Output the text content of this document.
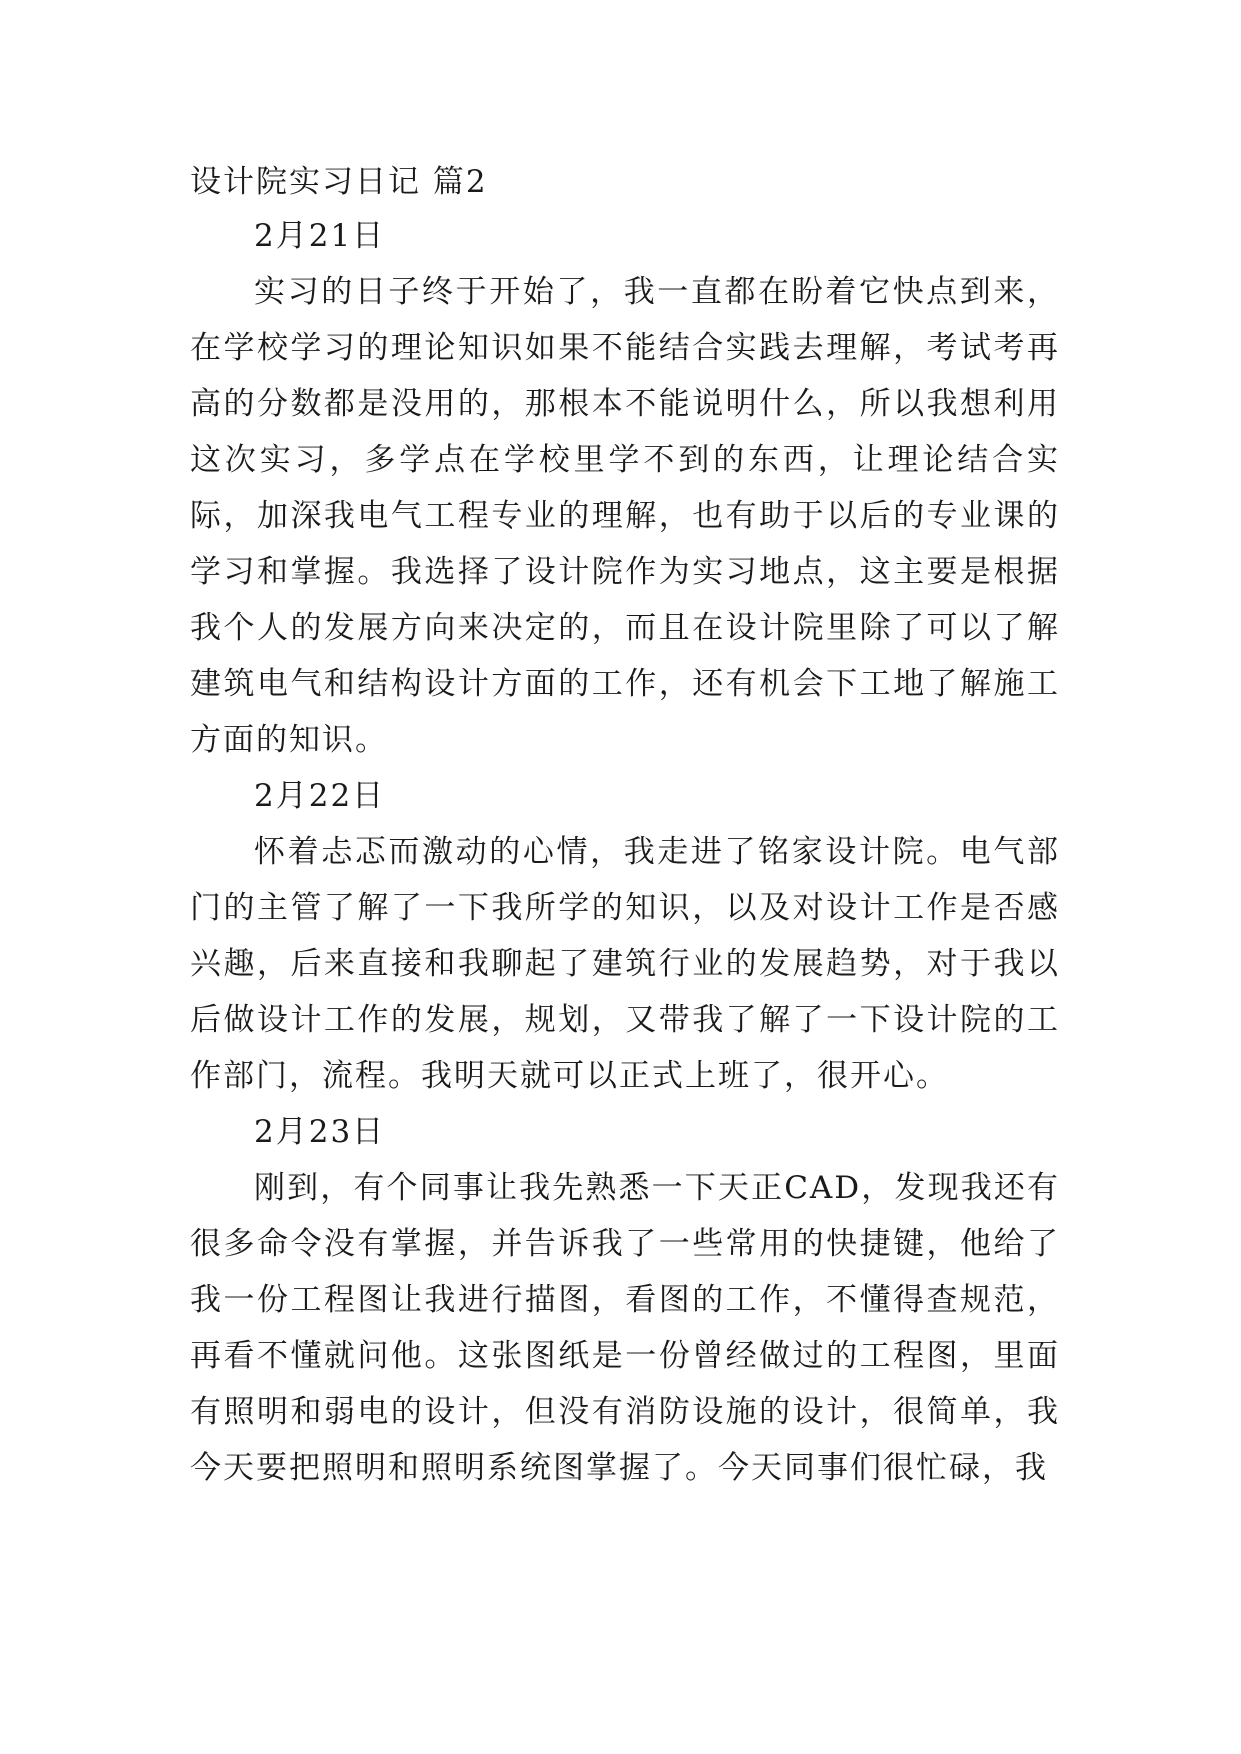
设计院实习日记 篇2
2月21日

实习的日子终于开始了，我一直都在盼着它快点到来，在学校学习的理论知识如果不能结合实践去理解，考试考再高的分数都是没用的，那根本不能说明什么，所以我想利用这次实习，多学点在学校里学不到的东西，让理论结合实际，加深我电气工程专业的理解，也有助于以后的专业课的学习和掌握。我选择了设计院作为实习地点，这主要是根据我个人的发展方向来决定的，而且在设计院里除了可以了解建筑电气和结构设计方面的工作，还有机会下工地了解施工方面的知识。

2月22日

怀着忐忑而激动的心情，我走进了铭家设计院。电气部门的主管了解了一下我所学的知识，以及对设计工作是否感兴趣，后来直接和我聊起了建筑行业的发展趋势，对于我以后做设计工作的发展，规划，又带我了解了一下设计院的工作部门，流程。我明天就可以正式上班了，很开心。

2月23日

刚到，有个同事让我先熟悉一下天正CAD，发现我还有很多命令没有掌握，并告诉我了一些常用的快捷键，他给了我一份工程图让我进行描图，看图的工作，不懂得查规范，再看不懂就问他。这张图纸是一份曾经做过的工程图，里面有照明和弱电的设计，但没有消防设施的设计，很简单，我今天要把照明和照明系统图掌握了。今天同事们很忙碌，我
